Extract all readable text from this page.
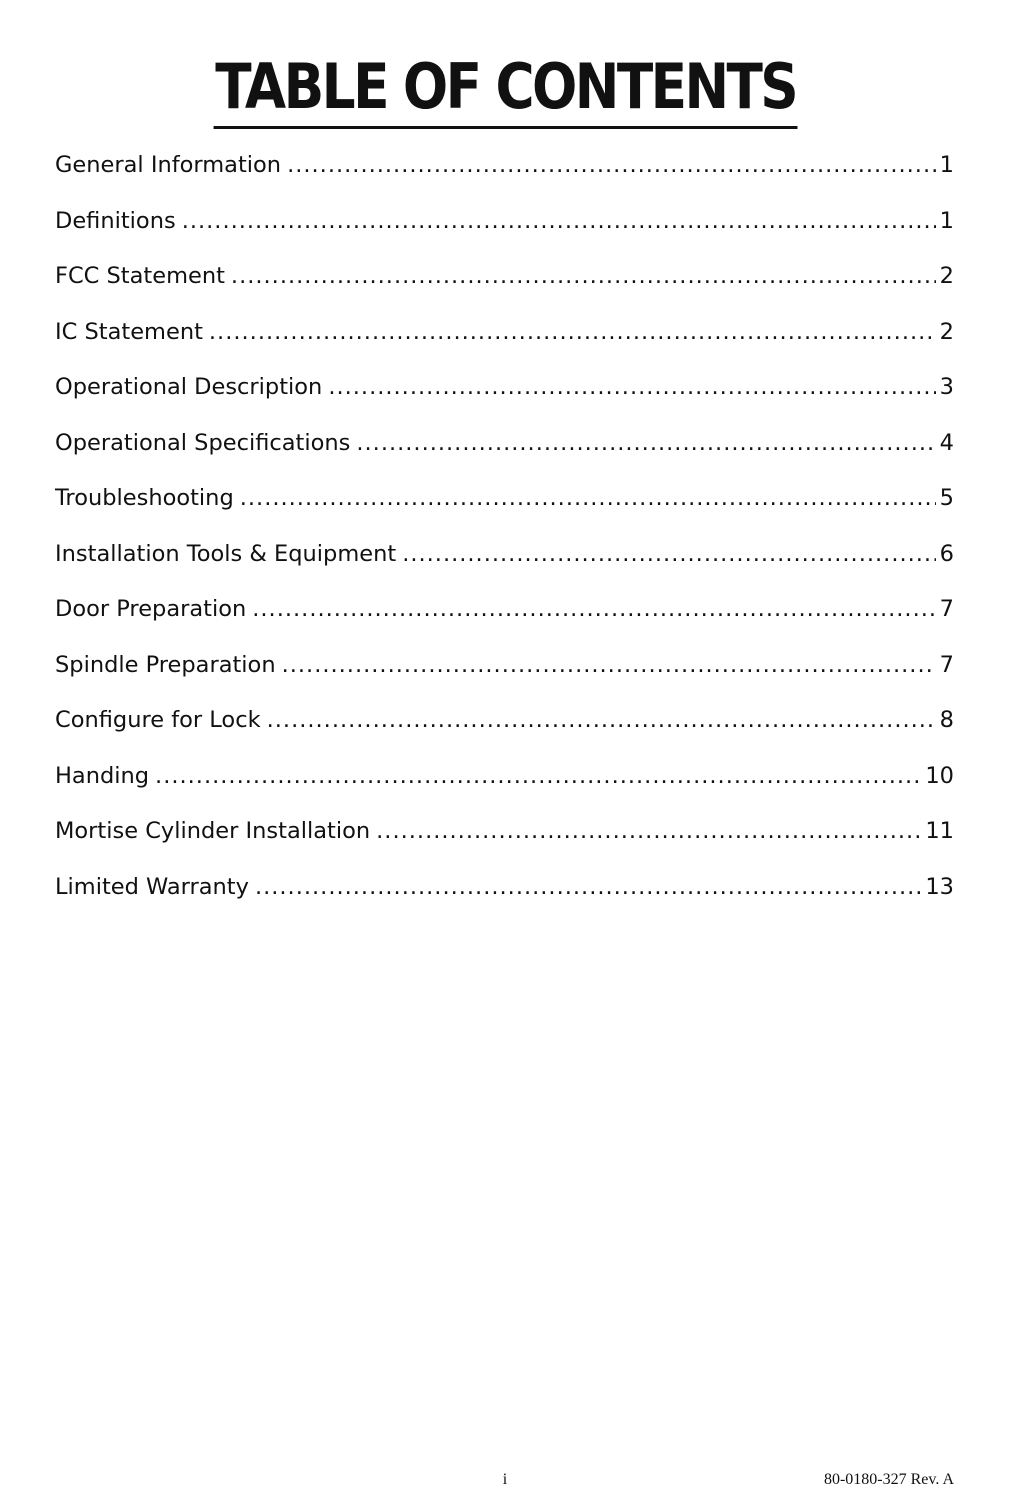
TABLE OF CONTENTS
General Information .....	1
Definitions .....	1
FCC Statement .....	2
IC Statement .....	2
Operational Description .....	3
Operational Specifications .....	4
Troubleshooting .....	5
Installation Tools & Equipment .....	6
Door Preparation .....	7
Spindle Preparation .....	7
Configure for Lock .....	8
Handing .....	10
Mortise Cylinder Installation .....	11
Limited Warranty .....	13
i	80-0180-327 Rev. A
